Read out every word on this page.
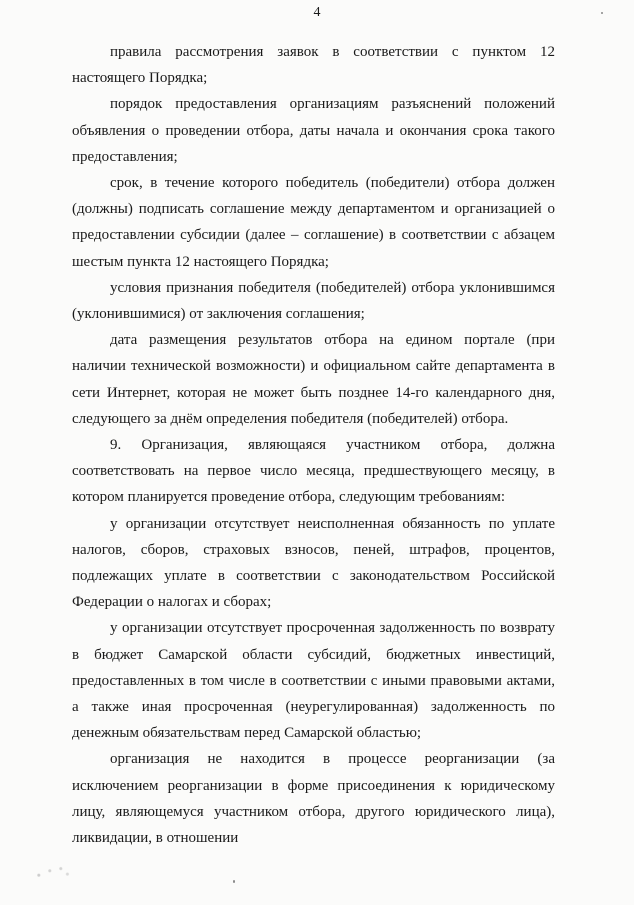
4

правила рассмотрения заявок в соответствии с пунктом 12 настоящего Порядка;

порядок предоставления организациям разъяснений положений объявления о проведении отбора, даты начала и окончания срока такого предоставления;

срок, в течение которого победитель (победители) отбора должен (должны) подписать соглашение между департаментом и организацией о предоставлении субсидии (далее – соглашение) в соответствии с абзацем шестым пункта 12 настоящего Порядка;

условия признания победителя (победителей) отбора уклонившимся (уклонившимися) от заключения соглашения;

дата размещения результатов отбора на едином портале (при наличии технической возможности) и официальном сайте департамента в сети Интернет, которая не может быть позднее 14-го календарного дня, следующего за днём определения победителя (победителей) отбора.

9. Организация, являющаяся участником отбора, должна соответствовать на первое число месяца, предшествующего месяцу, в котором планируется проведение отбора, следующим требованиям:

у организации отсутствует неисполненная обязанность по уплате налогов, сборов, страховых взносов, пеней, штрафов, процентов, подлежащих уплате в соответствии с законодательством Российской Федерации о налогах и сборах;

у организации отсутствует просроченная задолженность по возврату в бюджет Самарской области субсидий, бюджетных инвестиций, предоставленных в том числе в соответствии с иными правовыми актами, а также иная просроченная (неурегулированная) задолженность по денежным обязательствам перед Самарской областью;

организация не находится в процессе реорганизации (за исключением реорганизации в форме присоединения к юридическому лицу, являющемуся участником отбора, другого юридического лица), ликвидации, в отношении
